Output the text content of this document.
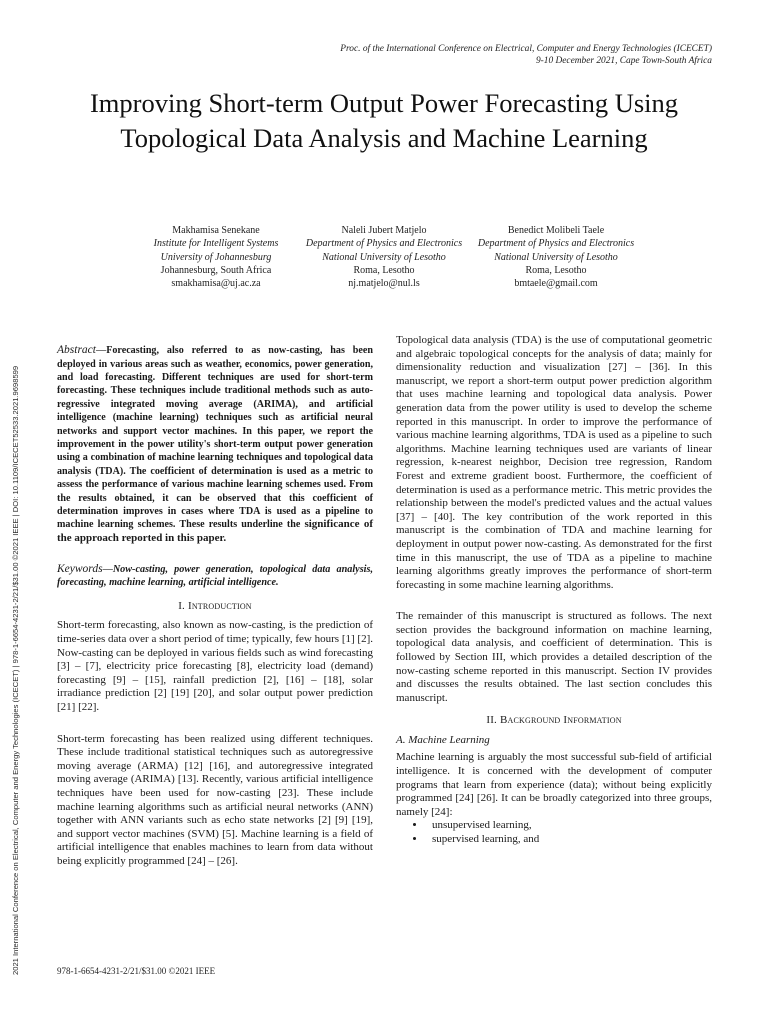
2021 International Conference on Electrical, Computer and Energy Technologies (ICECET) | 978-1-6654-4231-2/21/$31.00 ©2021 IEEE | DOI: 10.1109/ICECET52533.2021.9698599
Proc. of the International Conference on Electrical, Computer and Energy Technologies (ICECET)
9-10 December 2021, Cape Town-South Africa
Improving Short-term Output Power Forecasting Using Topological Data Analysis and Machine Learning
Makhamisa Senekane
Institute for Intelligent Systems University of Johannesburg
Johannesburg, South Africa
smakhamisa@uj.ac.za
Naleli Jubert Matjelo
Department of Physics and Electronics National University of Lesotho
Roma, Lesotho
nj.matjelo@nul.ls
Benedict Molibeli Taele
Department of Physics and Electronics National University of Lesotho
Roma, Lesotho
bmtaele@gmail.com

Abstract—Forecasting, also referred to as now-casting, has been deployed in various areas such as weather, economics, power generation, and load forecasting. Different techniques are used for short-term forecasting. These techniques include traditional methods such as auto-regressive integrated moving average (ARIMA), and artificial intelligence (machine learning) techniques such as artificial neural networks and support vector machines. In this paper, we report the improvement in the power utility's short-term output power generation using a combination of machine learning techniques and topological data analysis (TDA). The coefficient of determination is used as a metric to assess the performance of various machine learning schemes used. From the results obtained, it can be observed that this coefficient of determination improves in cases where TDA is used as a pipeline to machine learning schemes. These results underline the significance of the approach reported in this paper.

Keywords—Now-casting, power generation, topological data analysis, forecasting, machine learning, artificial intelligence.

I. Introduction

Short-term forecasting, also known as now-casting, is the prediction of time-series data over a short period of time; typically, few hours [1] [2]. Now-casting can be deployed in various fields such as wind forecasting [3] – [7], electricity price forecasting [8], electricity load (demand) forecasting [9] – [15], rainfall prediction [2], [16] – [18], solar irradiance prediction [2] [19] [20], and solar output power prediction [21] [22].

Short-term forecasting has been realized using different techniques. These include traditional statistical techniques such as autoregressive moving average (ARMA) [12] [16], and autoregressive integrated moving average (ARIMA) [13]. Recently, various artificial intelligence techniques have been used for now-casting [23]. These include machine learning algorithms such as artificial neural networks (ANN) together with ANN variants such as echo state networks [2] [9] [19], and support vector machines (SVM) [5]. Machine learning is a field of artificial intelligence that enables machines to learn from data without being explicitly programmed [24] – [26].

Topological data analysis (TDA) is the use of computational geometric and algebraic topological concepts for the analysis of data; mainly for dimensionality reduction and visualization [27] – [36]. In this manuscript, we report a short-term output power prediction algorithm that uses machine learning and topological data analysis. Power generation data from the power utility is used to develop the scheme reported in this manuscript. In order to improve the performance of various machine learning algorithms, TDA is used as a pipeline to such algorithms. Machine learning techniques used are variants of linear regression, k-nearest neighbor, Decision tree regression, Random Forest and extreme gradient boost. Furthermore, the coefficient of determination is used as a performance metric. This metric provides the relationship between the model's predicted values and the actual values [37] – [40]. The key contribution of the work reported in this manuscript is the combination of TDA and machine learning for deployment in output power now-casting. As demonstrated for the first time in this manuscript, the use of TDA as a pipeline to machine learning algorithms greatly improves the performance of short-term forecasting in some machine learning algorithms.

The remainder of this manuscript is structured as follows. The next section provides the background information on machine learning, topological data analysis, and coefficient of determination. This is followed by Section III, which provides a detailed description of the now-casting scheme reported in this manuscript. Section IV provides and discusses the results obtained. The last section concludes this manuscript.

II. Background Information
A. Machine Learning

Machine learning is arguably the most successful sub-field of artificial intelligence. It is concerned with the development of computer programs that learn from experience (data); without being explicitly programmed [24] [26]. It can be broadly categorized into three groups, namely [24]:

• unsupervised learning,
• supervised learning, and
978-1-6654-4231-2/21/$31.00 ©2021 IEEE
